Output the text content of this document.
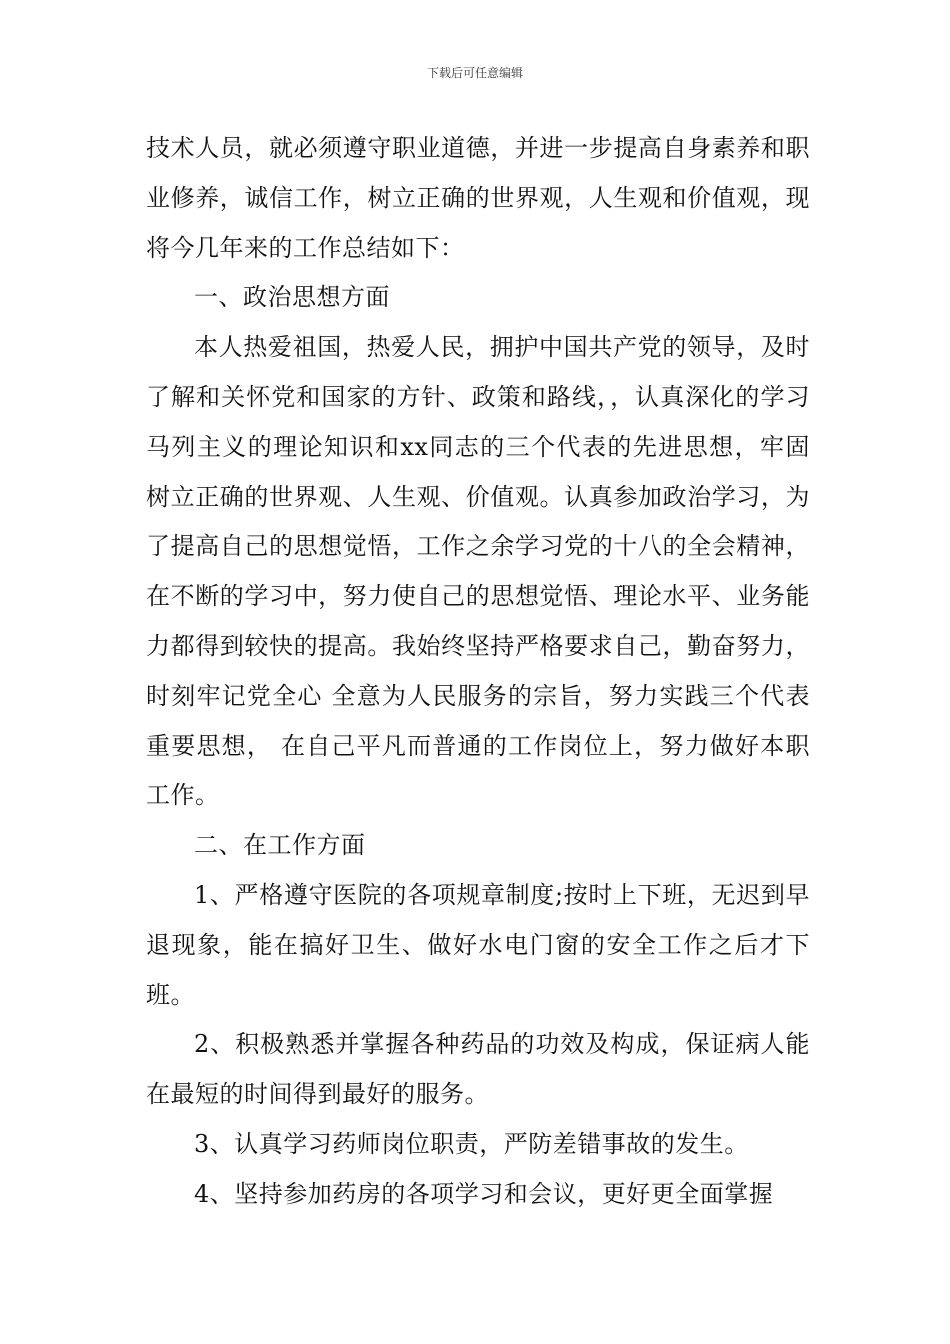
下载后可任意编辑

技术人员，就必须遵守职业道德，并进一步提高自身素养和职业修养，诚信工作，树立正确的世界观，人生观和价值观，现将今几年来的工作总结如下：

一、政治思想方面

本人热爱祖国，热爱人民，拥护中国共产党的领导，及时了解和关怀党和国家的方针、政策和路线，，认真深化的学习马列主义的理论知识和xx同志的三个代表的先进思想，牢固树立正确的世界观、人生观、价值观。认真参加政治学习，为了提高自己的思想觉悟，工作之余学习党的十八的全会精神，在不断的学习中，努力使自己的思想觉悟、理论水平、业务能力都得到较快的提高。我始终坚持严格要求自己，勤奋努力，时刻牢记党全心 全意为人民服务的宗旨，努力实践三个代表重要思想， 在自己平凡而普通的工作岗位上，努力做好本职工作。

二、在工作方面

1、严格遵守医院的各项规章制度;按时上下班，无迟到早退现象，能在搞好卫生、做好水电门窗的安全工作之后才下班。

2、积极熟悉并掌握各种药品的功效及构成，保证病人能在最短的时间得到最好的服务。

3、认真学习药师岗位职责，严防差错事故的发生。

4、坚持参加药房的各项学习和会议，更好更全面掌握
